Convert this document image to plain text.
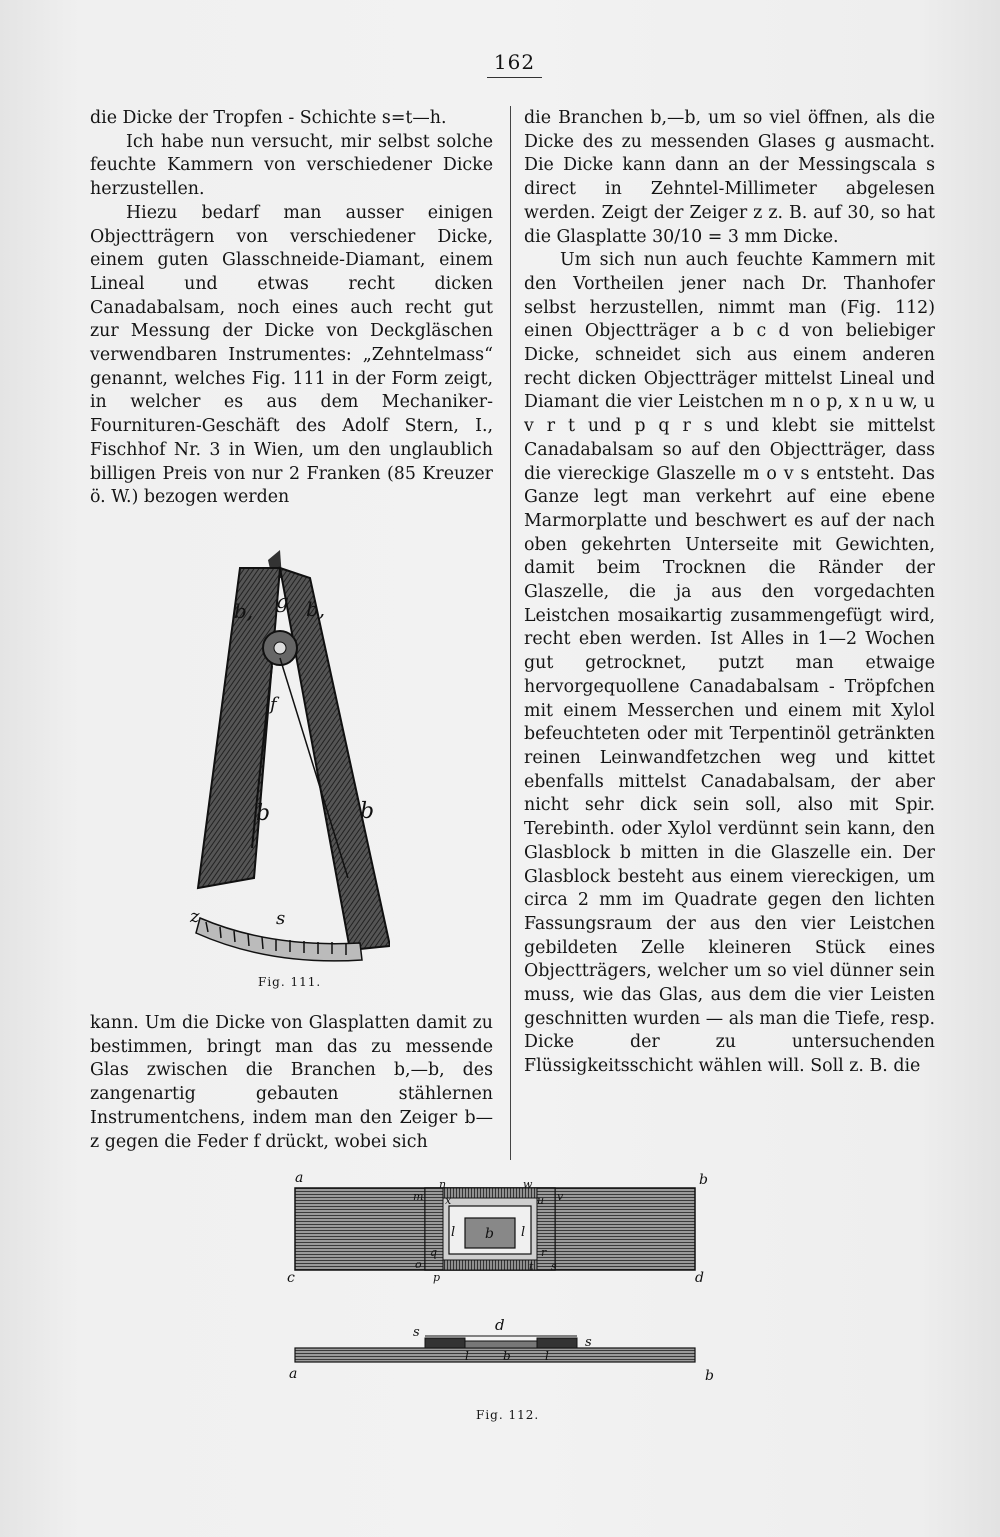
162

die Dicke der Tropfen - Schichte s=t—h.

Ich habe nun versucht, mir selbst solche feuchte Kammern von verschiedener Dicke herzustellen.

Hiezu bedarf man ausser einigen Objectträgern von verschiedener Dicke, einem guten Glasschneide-Diamant, einem Lineal und etwas recht dicken Canadabalsam, noch eines auch recht gut zur Messung der Dicke von Deckgläschen verwendbaren Instrumentes: „Zehntelmass“ genannt, welches Fig. 111 in der Form zeigt, in welcher es aus dem Mechaniker-Fournituren-Geschäft des Adolf Stern, I., Fischhof Nr. 3 in Wien, um den unglaublich billigen Preis von nur 2 Franken (85 Kreuzer ö. W.) bezogen werden

b, g b,
f
b	b
z	s
Fig. 111.

kann. Um die Dicke von Glasplatten damit zu bestimmen, bringt man das zu messende Glas zwischen die Branchen b,—b, des zangenartig gebauten stählernen Instrumentchens, indem man den Zeiger b—z gegen die Feder f drückt, wobei sich

die Branchen b,—b, um so viel öffnen, als die Dicke des zu messenden Glases g ausmacht. Die Dicke kann dann an der Messingscala s direct in Zehntel-Millimeter abgelesen werden. Zeigt der Zeiger z z. B. auf 30, so hat die Glasplatte 30/10 = 3 mm Dicke.

Um sich nun auch feuchte Kammern mit den Vortheilen jener nach Dr. Thanhofer selbst herzustellen, nimmt man (Fig. 112) einen Objectträger a b c d von beliebiger Dicke, schneidet sich aus einem anderen recht dicken Objectträger mittelst Lineal und Diamant die vier Leistchen m n o p, x n u w, u v r t und p q r s und klebt sie mittelst Canadabalsam so auf den Objectträger, dass die viereckige Glaszelle m o v s entsteht. Das Ganze legt man verkehrt auf eine ebene Marmorplatte und beschwert es auf der nach oben gekehrten Unterseite mit Gewichten, damit beim Trocknen die Ränder der Glaszelle, die ja aus den vorgedachten Leistchen mosaikartig zusammengefügt wird, recht eben werden. Ist Alles in 1—2 Wochen gut getrocknet, putzt man etwaige hervorgequollene Canadabalsam - Tröpfchen mit einem Messerchen und einem mit Xylol befeuchteten oder mit Terpentinöl getränkten reinen Leinwandfetzchen weg und kittet ebenfalls mittelst Canadabalsam, der aber nicht sehr dick sein soll, also mit Spir. Terebinth. oder Xylol verdünnt sein kann, den Glasblock b mitten in die Glaszelle ein. Der Glasblock besteht aus einem viereckigen, um circa 2 mm im Quadrate gegen den lichten Fassungsraum der aus den vier Leistchen gebildeten Zelle kleineren Stück eines Objectträgers, welcher um so viel dünner sein muss, wie das Glas, aus dem die vier Leisten geschnitten wurden — als man die Tiefe, resp. Dicke der zu untersuchenden Flüssigkeitsschicht wählen will. Soll z. B. die

a	b
c	d
m
n	w
v
o
p
q	r
s
t
u
x
l b l
s	d
s
l	b	l
a	b
Fig. 112.
